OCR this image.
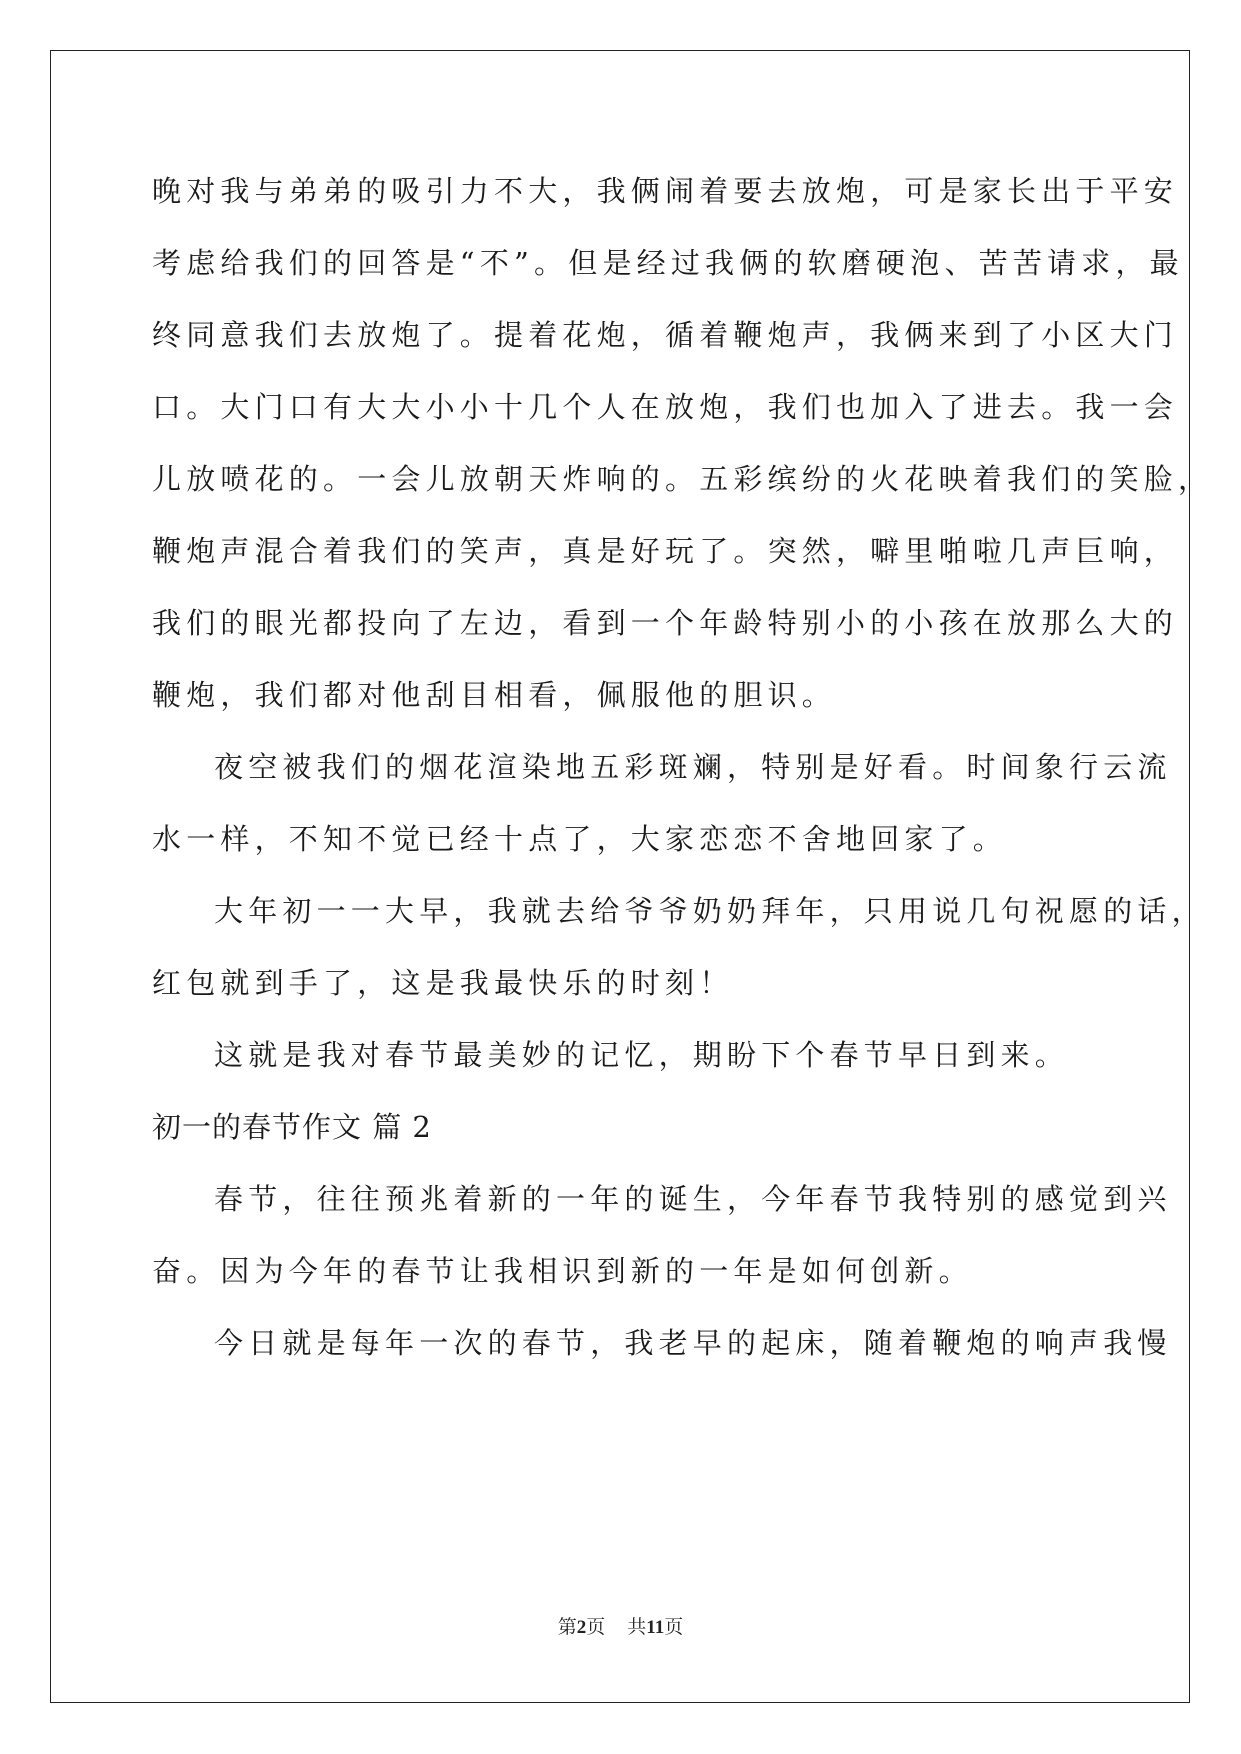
晚对我与弟弟的吸引力不大，我俩闹着要去放炮，可是家长出于平安
考虑给我们的回答是“不”。但是经过我俩的软磨硬泡、苦苦请求，最
终同意我们去放炮了。提着花炮，循着鞭炮声，我俩来到了小区大门
口。大门口有大大小小十几个人在放炮，我们也加入了进去。我一会
儿放喷花的。一会儿放朝天炸响的。五彩缤纷的火花映着我们的笑脸，
鞭炮声混合着我们的笑声，真是好玩了。突然，噼里啪啦几声巨响，
我们的眼光都投向了左边，看到一个年龄特别小的小孩在放那么大的
鞭炮，我们都对他刮目相看，佩服他的胆识。
夜空被我们的烟花渲染地五彩斑斓，特别是好看。时间象行云流
水一样，不知不觉已经十点了，大家恋恋不舍地回家了。
大年初一一大早，我就去给爷爷奶奶拜年，只用说几句祝愿的话，
红包就到手了，这是我最快乐的时刻！
这就是我对春节最美妙的记忆，期盼下个春节早日到来。
初一的春节作文 篇 2
春节，往往预兆着新的一年的诞生，今年春节我特别的感觉到兴
奋。因为今年的春节让我相识到新的一年是如何创新。
今日就是每年一次的春节，我老早的起床，随着鞭炮的响声我慢
第2页 共11页
